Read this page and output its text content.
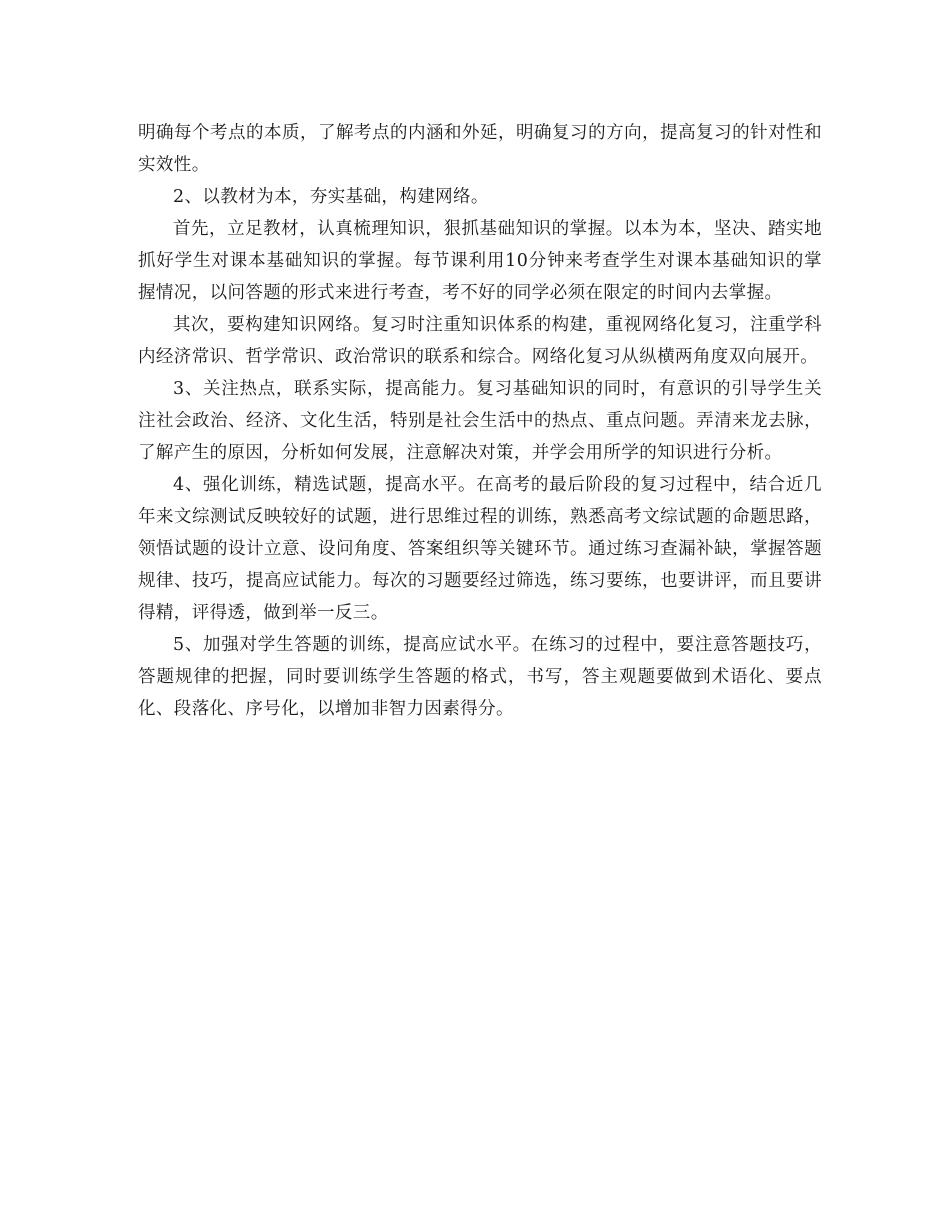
明确每个考点的本质，了解考点的内涵和外延，明确复习的方向，提高复习的针对性和实效性。

2、以教材为本，夯实基础，构建网络。

首先，立足教材，认真梳理知识，狠抓基础知识的掌握。以本为本，坚决、踏实地抓好学生对课本基础知识的掌握。每节课利用10分钟来考查学生对课本基础知识的掌握情况，以问答题的形式来进行考查，考不好的同学必须在限定的时间内去掌握。

其次，要构建知识网络。复习时注重知识体系的构建，重视网络化复习，注重学科内经济常识、哲学常识、政治常识的联系和综合。网络化复习从纵横两角度双向展开。

3、关注热点，联系实际，提高能力。复习基础知识的同时，有意识的引导学生关注社会政治、经济、文化生活，特别是社会生活中的热点、重点问题。弄清来龙去脉，了解产生的原因，分析如何发展，注意解决对策，并学会用所学的知识进行分析。

4、强化训练，精选试题，提高水平。在高考的最后阶段的复习过程中，结合近几年来文综测试反映较好的试题，进行思维过程的训练，熟悉高考文综试题的命题思路，领悟试题的设计立意、设问角度、答案组织等关键环节。通过练习查漏补缺，掌握答题规律、技巧，提高应试能力。每次的习题要经过筛选，练习要练，也要讲评，而且要讲得精，评得透，做到举一反三。

5、加强对学生答题的训练，提高应试水平。在练习的过程中，要注意答题技巧，答题规律的把握，同时要训练学生答题的格式，书写，答主观题要做到术语化、要点化、段落化、序号化，以增加非智力因素得分。
